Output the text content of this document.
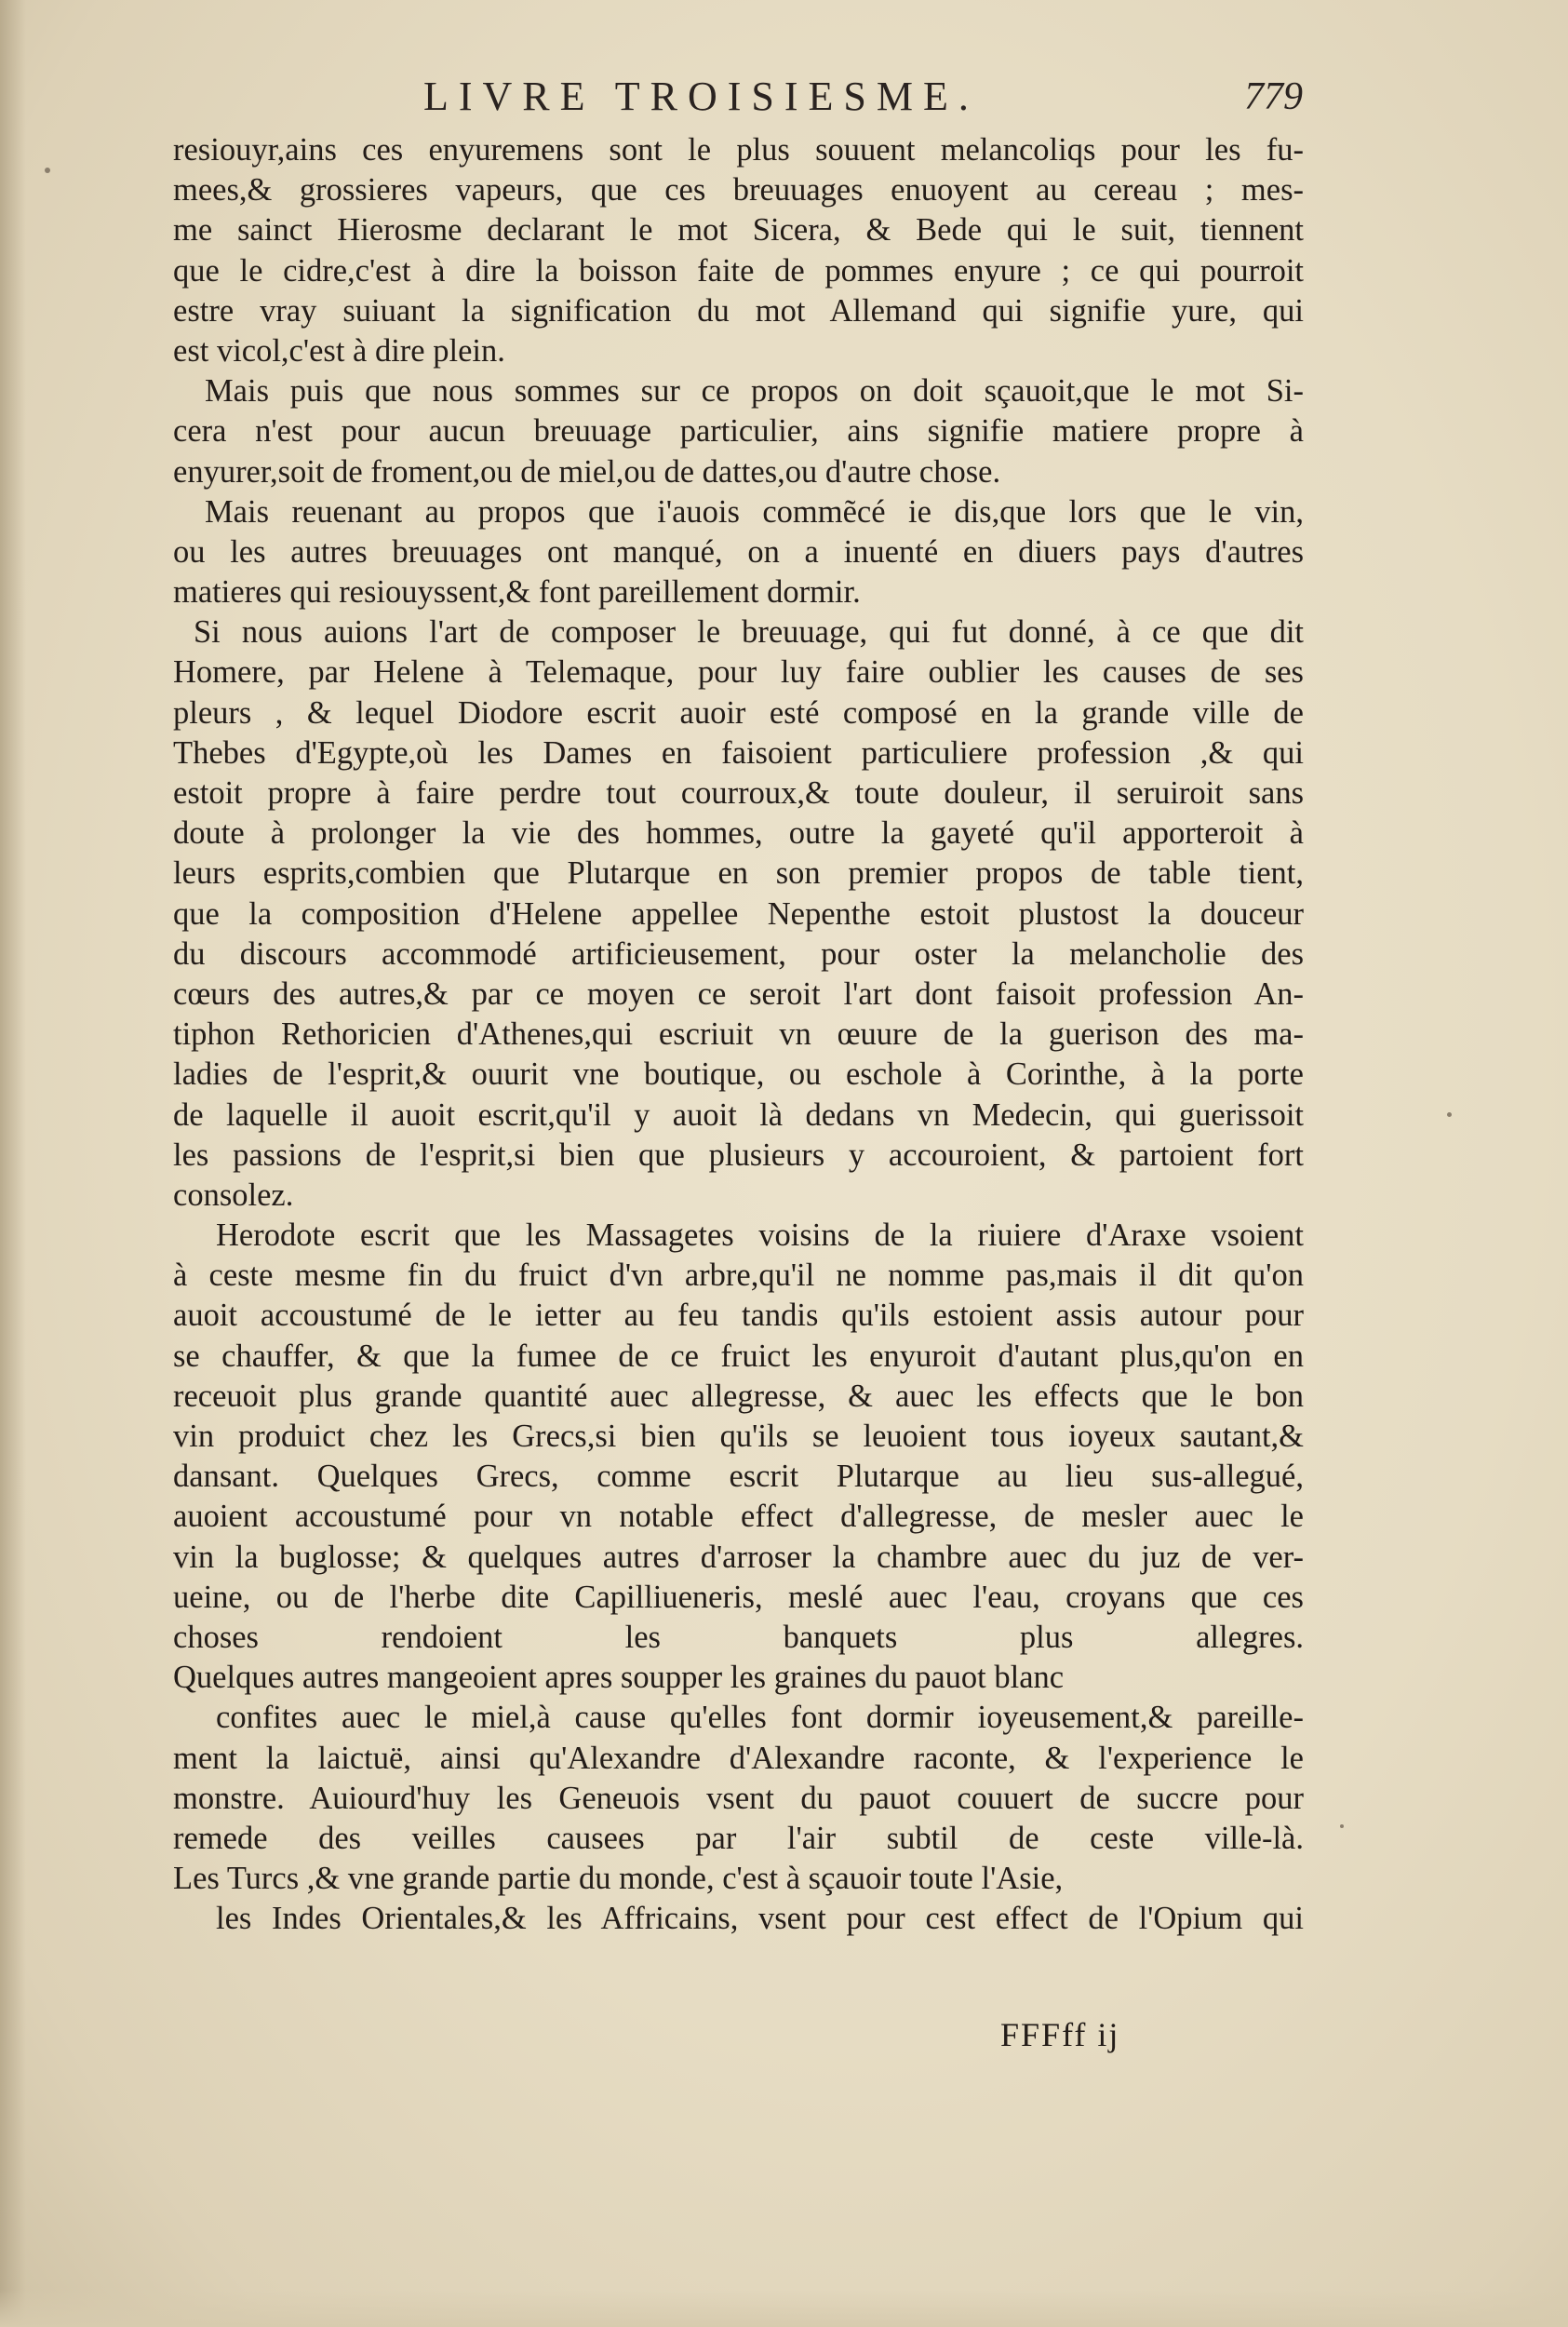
LIVRE TROISIESME.	779
resiouyr,ains ces enyuremens sont le plus souuent melancoliqs pour les fu-
mees,& grossieres vapeurs, que ces breuuages enuoyent au cereau ; mes-
me sainct Hierosme declarant le mot Sicera, & Bede qui le suit, tiennent
que le cidre,c'est à dire la boisson faite de pommes enyure ; ce qui pourroit
estre vray suiuant la signification du mot Allemand qui signifie yure, qui
est vicol,c'est à dire plein.
Mais puis que nous sommes sur ce propos on doit sçauoit,que le mot Si-
cera n'est pour aucun breuuage particulier, ains signifie matiere propre à
enyurer,soit de froment,ou de miel,ou de dattes,ou d'autre chose.
Mais reuenant au propos que i'auois commẽcé ie dis,que lors que le vin,
ou les autres breuuages ont manqué, on a inuenté en diuers pays d'autres
matieres qui resiouyssent,& font pareillement dormir.
Si nous auions l'art de composer le breuuage, qui fut donné, à ce que dit
Homere, par Helene à Telemaque, pour luy faire oublier les causes de ses
pleurs , & lequel Diodore escrit auoir esté composé en la grande ville de
Thebes d'Egypte,où les Dames en faisoient particuliere profession ,& qui
estoit propre à faire perdre tout courroux,& toute douleur, il seruiroit sans
doute à prolonger la vie des hommes, outre la gayeté qu'il apporteroit à
leurs esprits,combien que Plutarque en son premier propos de table tient,
que la composition d'Helene appellee Nepenthe estoit plustost la douceur
du discours accommodé artificieusement, pour oster la melancholie des
cœurs des autres,& par ce moyen ce seroit l'art dont faisoit profession An-
tiphon Rethoricien d'Athenes,qui escriuit vn œuure de la guerison des ma-
ladies de l'esprit,& ouurit vne boutique, ou eschole à Corinthe, à la porte
de laquelle il auoit escrit,qu'il y auoit là dedans vn Medecin, qui guerissoit
les passions de l'esprit,si bien que plusieurs y accouroient, & partoient fort
consolez.
Herodote escrit que les Massagetes voisins de la riuiere d'Araxe vsoient
à ceste mesme fin du fruict d'vn arbre,qu'il ne nomme pas,mais il dit qu'on
auoit accoustumé de le ietter au feu tandis qu'ils estoient assis autour pour
se chauffer, & que la fumee de ce fruict les enyuroit d'autant plus,qu'on en
receuoit plus grande quantité auec allegresse, & auec les effects que le bon
vin produict chez les Grecs,si bien qu'ils se leuoient tous ioyeux sautant,&
dansant. Quelques Grecs, comme escrit Plutarque au lieu sus-allegué,
auoient accoustumé pour vn notable effect d'allegresse, de mesler auec le
vin la buglosse; & quelques autres d'arroser la chambre auec du juz de ver-
ueine, ou de l'herbe dite Capilliueneris, meslé auec l'eau, croyans que ces
choses rendoient les banquets plus allegres.
Quelques autres mangeoient apres soupper les graines du pauot blanc
confites auec le miel,à cause qu'elles font dormir ioyeusement,& pareille-
ment la laictuë, ainsi qu'Alexandre d'Alexandre raconte, & l'experience le
monstre. Auiourd'huy les Geneuois vsent du pauot couuert de succre pour
remede des veilles causees par l'air subtil de ceste ville-là.
Les Turcs ,& vne grande partie du monde, c'est à sçauoir toute l'Asie,
les Indes Orientales,& les Affricains, vsent pour cest effect de l'Opium qui
FFFff ij
